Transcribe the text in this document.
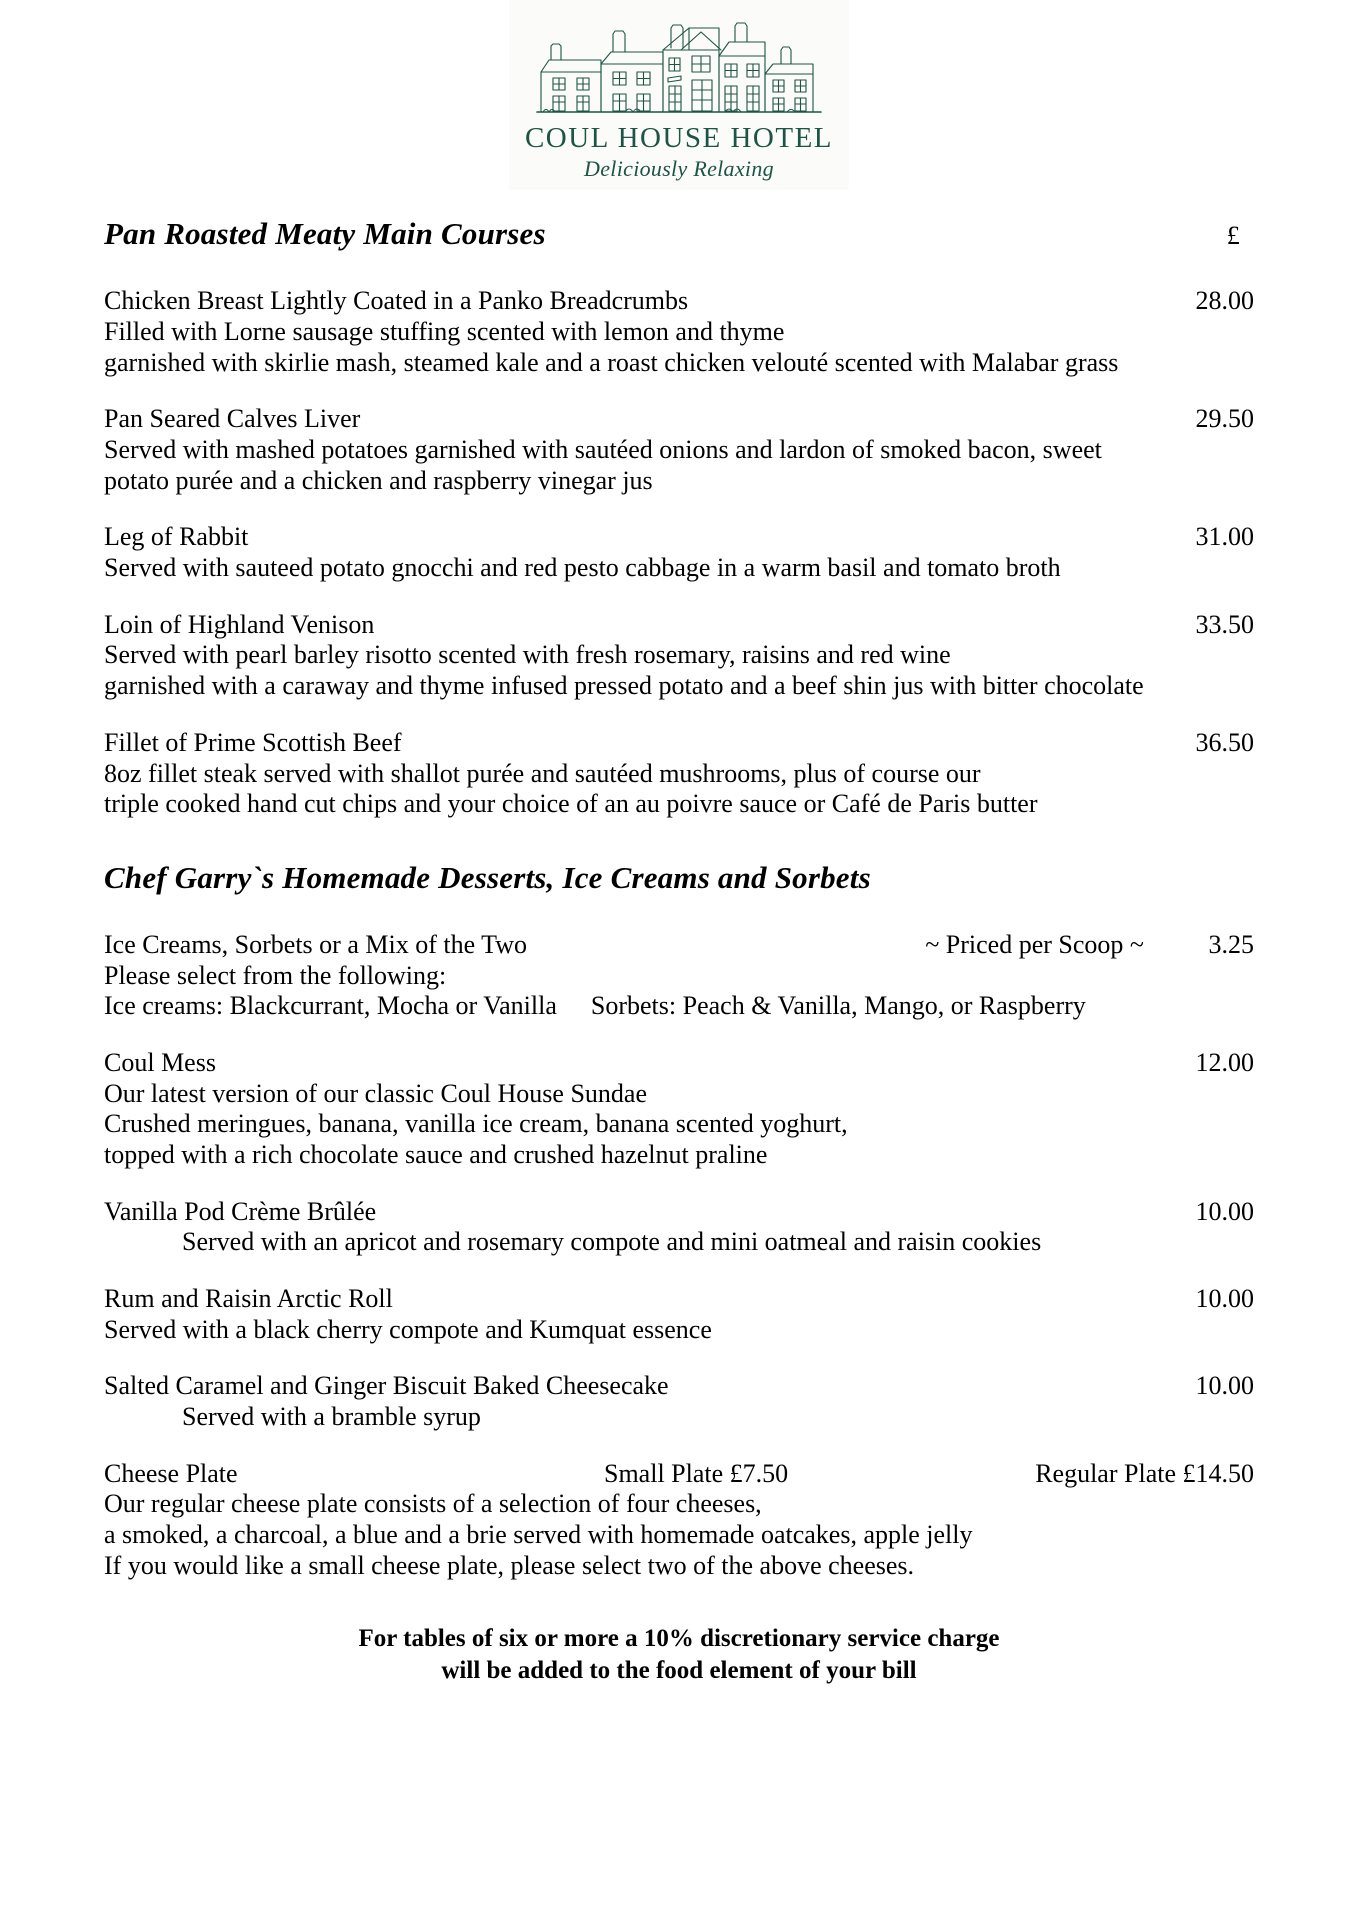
COUL HOUSE HOTEL
Deliciously Relaxing
Pan Roasted Meaty Main Courses	£
Chicken Breast Lightly Coated in a Panko Breadcrumbs	28.00
Filled with Lorne sausage stuffing scented with lemon and thyme
garnished with skirlie mash, steamed kale and a roast chicken velouté scented with Malabar grass
Pan Seared Calves Liver	29.50
Served with mashed potatoes garnished with sautéed onions and lardon of smoked bacon, sweet
potato purée and a chicken and raspberry vinegar jus
Leg of Rabbit	31.00
Served with sauteed potato gnocchi and red pesto cabbage in a warm basil and tomato broth
Loin of Highland Venison	33.50
Served with pearl barley risotto scented with fresh rosemary, raisins and red wine
garnished with a caraway and thyme infused pressed potato and a beef shin jus with bitter chocolate
Fillet of Prime Scottish Beef	36.50
8oz fillet steak served with shallot purée and sautéed mushrooms, plus of course our
triple cooked hand cut chips and your choice of an au poivre sauce or Café de Paris butter
Chef Garry`s Homemade Desserts, Ice Creams and Sorbets
Ice Creams, Sorbets or a Mix of the Two	~ Priced per Scoop ~	3.25
Please select from the following:
Ice creams: Blackcurrant, Mocha or Vanilla Sorbets: Peach & Vanilla, Mango, or Raspberry
Coul Mess	12.00
Our latest version of our classic Coul House Sundae
Crushed meringues, banana, vanilla ice cream, banana scented yoghurt,
topped with a rich chocolate sauce and crushed hazelnut praline
Vanilla Pod Crème Brûlée	10.00
Served with an apricot and rosemary compote and mini oatmeal and raisin cookies
Rum and Raisin Arctic Roll	10.00
Served with a black cherry compote and Kumquat essence
Salted Caramel and Ginger Biscuit Baked Cheesecake	10.00
Served with a bramble syrup
Cheese Plate	Small Plate £7.50	Regular Plate £14.50
Our regular cheese plate consists of a selection of four cheeses,
a smoked, a charcoal, a blue and a brie served with homemade oatcakes, apple jelly
If you would like a small cheese plate, please select two of the above cheeses.
For tables of six or more a 10% discretionary service charge
will be added to the food element of your bill
